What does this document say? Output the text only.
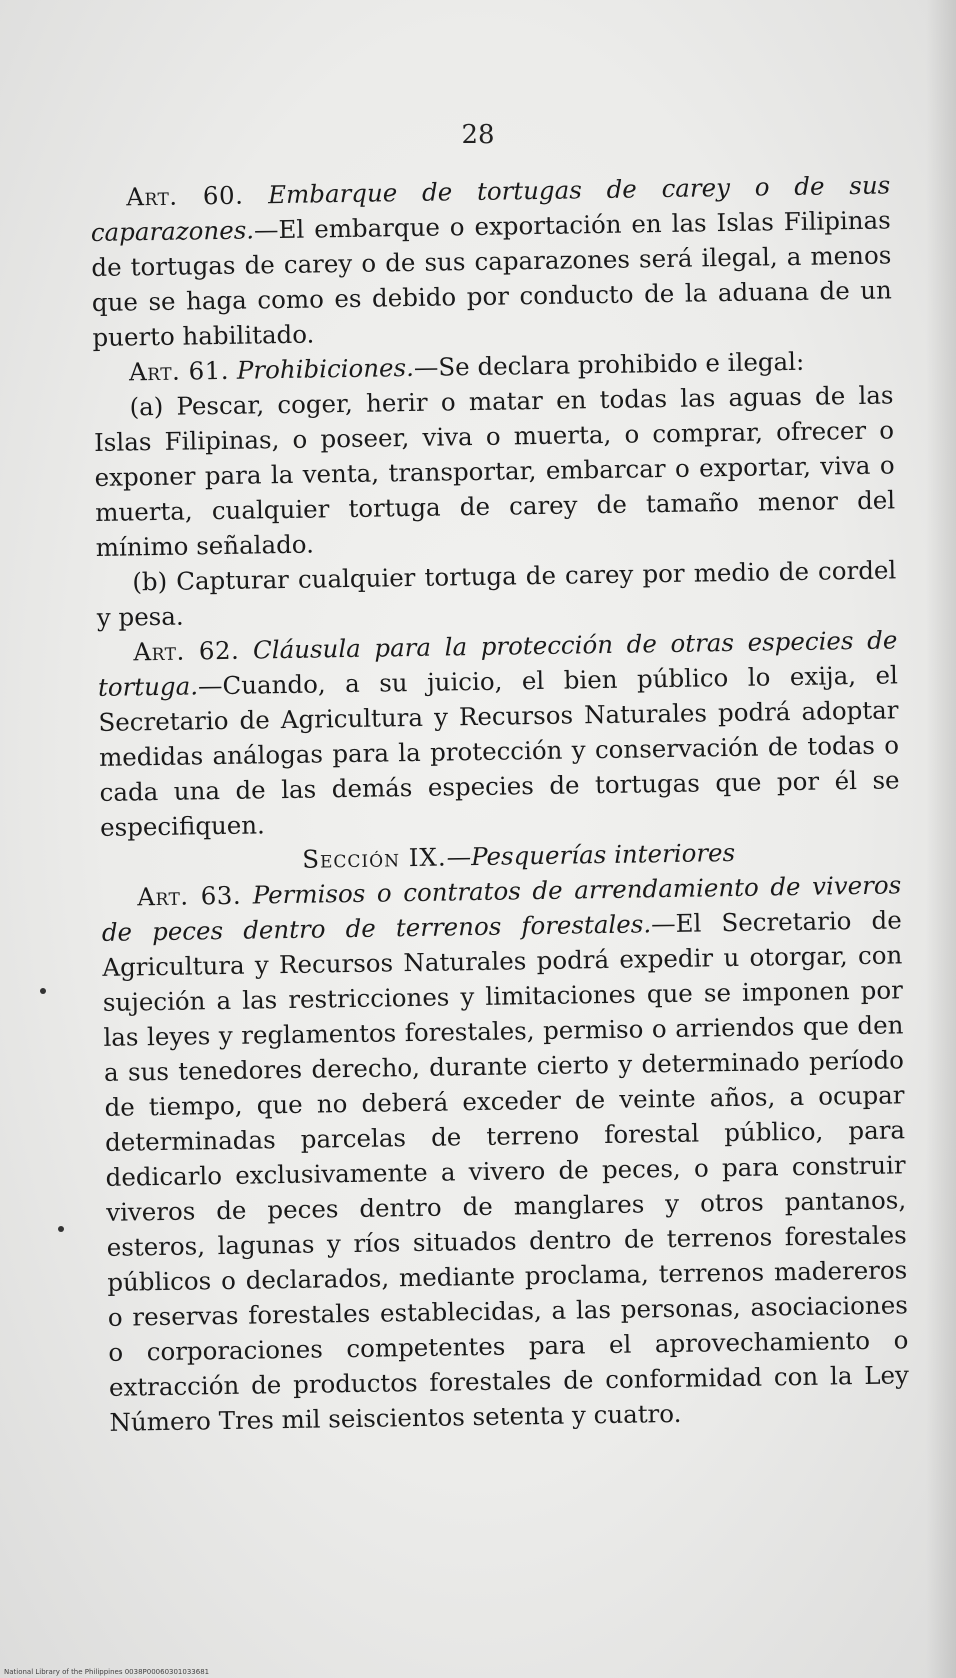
28

Art. 60. Embarque de tortugas de carey o de sus caparazones.—El embarque o exportación en las Islas Filipinas de tortugas de carey o de sus caparazones será ilegal, a menos que se haga como es debido por conducto de la aduana de un puerto habilitado.

Art. 61. Prohibiciones.—Se declara prohibido e ilegal:

(a) Pescar, coger, herir o matar en todas las aguas de las Islas Filipinas, o poseer, viva o muerta, o comprar, ofrecer o exponer para la venta, transportar, embarcar o exportar, viva o muerta, cualquier tortuga de carey de tamaño menor del mínimo señalado.

(b) Capturar cualquier tortuga de carey por medio de cordel y pesa.

Art. 62. Cláusula para la protección de otras especies de tortuga.—Cuando, a su juicio, el bien público lo exija, el Secretario de Agricultura y Recursos Naturales podrá adoptar medidas análogas para la protección y conservación de todas o cada una de las demás especies de tortugas que por él se especifiquen.

Sección IX.—Pesquerías interiores

Art. 63. Permisos o contratos de arrendamiento de viveros de peces dentro de terrenos forestales.—El Secretario de Agricultura y Recursos Naturales podrá expedir u otorgar, con sujeción a las restricciones y limitaciones que se imponen por las leyes y reglamentos forestales, permiso o arriendos que den a sus tenedores derecho, durante cierto y determinado período de tiempo, que no deberá exceder de veinte años, a ocupar determinadas parcelas de terreno forestal público, para dedicarlo exclusivamente a vivero de peces, o para construir viveros de peces dentro de manglares y otros pantanos, esteros, lagunas y ríos situados dentro de terrenos forestales públicos o declarados, mediante proclama, terrenos madereros o reservas forestales establecidas, a las personas, asociaciones o corporaciones competentes para el aprovechamiento o extracción de productos forestales de conformidad con la Ley Número Tres mil seiscientos setenta y cuatro.

National Library of the Philippines 0038P00060301033681
